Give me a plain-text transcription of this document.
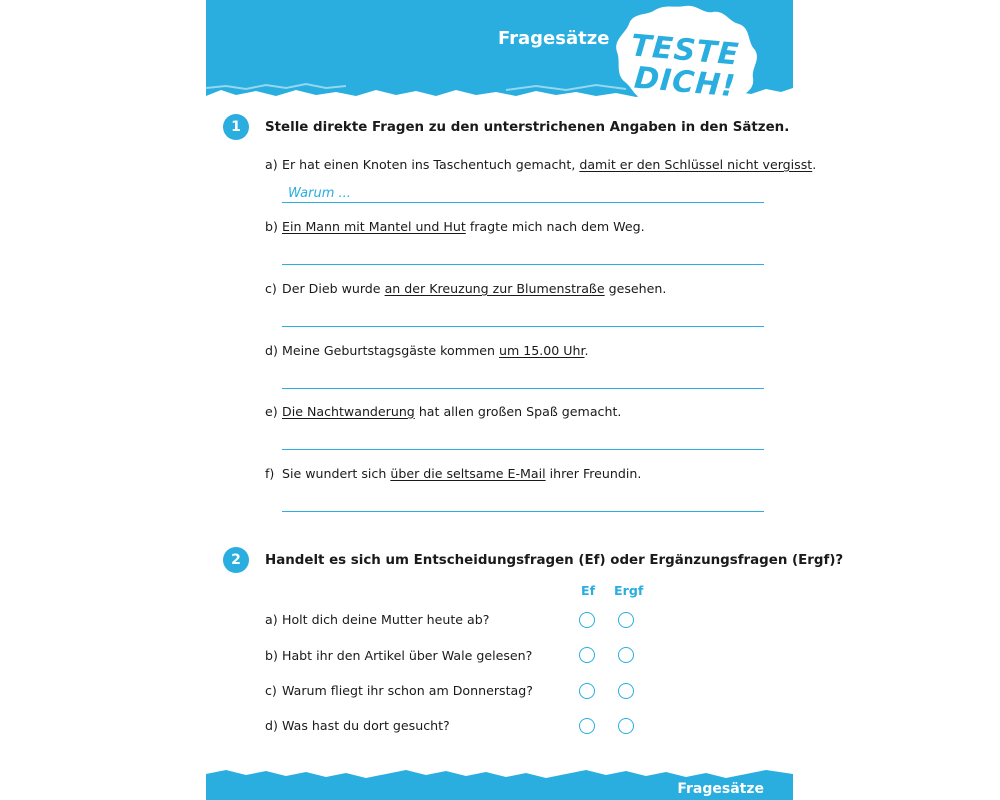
Fragesätze TESTE
DICH!
1	Stelle direkte Fragen zu den unterstrichenen Angaben in den Sätzen.
a) Er hat einen Knoten ins Taschentuch gemacht, damit er den Schlüssel nicht vergisst.
Warum ...
b) Ein Mann mit Mantel und Hut fragte mich nach dem Weg.
c) Der Dieb wurde an der Kreuzung zur Blumenstraße gesehen.
d) Meine Geburtstagsgäste kommen um 15.00 Uhr.
e) Die Nachtwanderung hat allen großen Spaß gemacht.
f) Sie wundert sich über die seltsame E-Mail ihrer Freundin.
2	Handelt es sich um Entscheidungsfragen (Ef) oder Ergänzungsfragen (Ergf)?
Ef Ergf
a) Holt dich deine Mutter heute ab?
b) Habt ihr den Artikel über Wale gelesen?
c) Warum fliegt ihr schon am Donnerstag?
d) Was hast du dort gesucht?
Fragesätze
